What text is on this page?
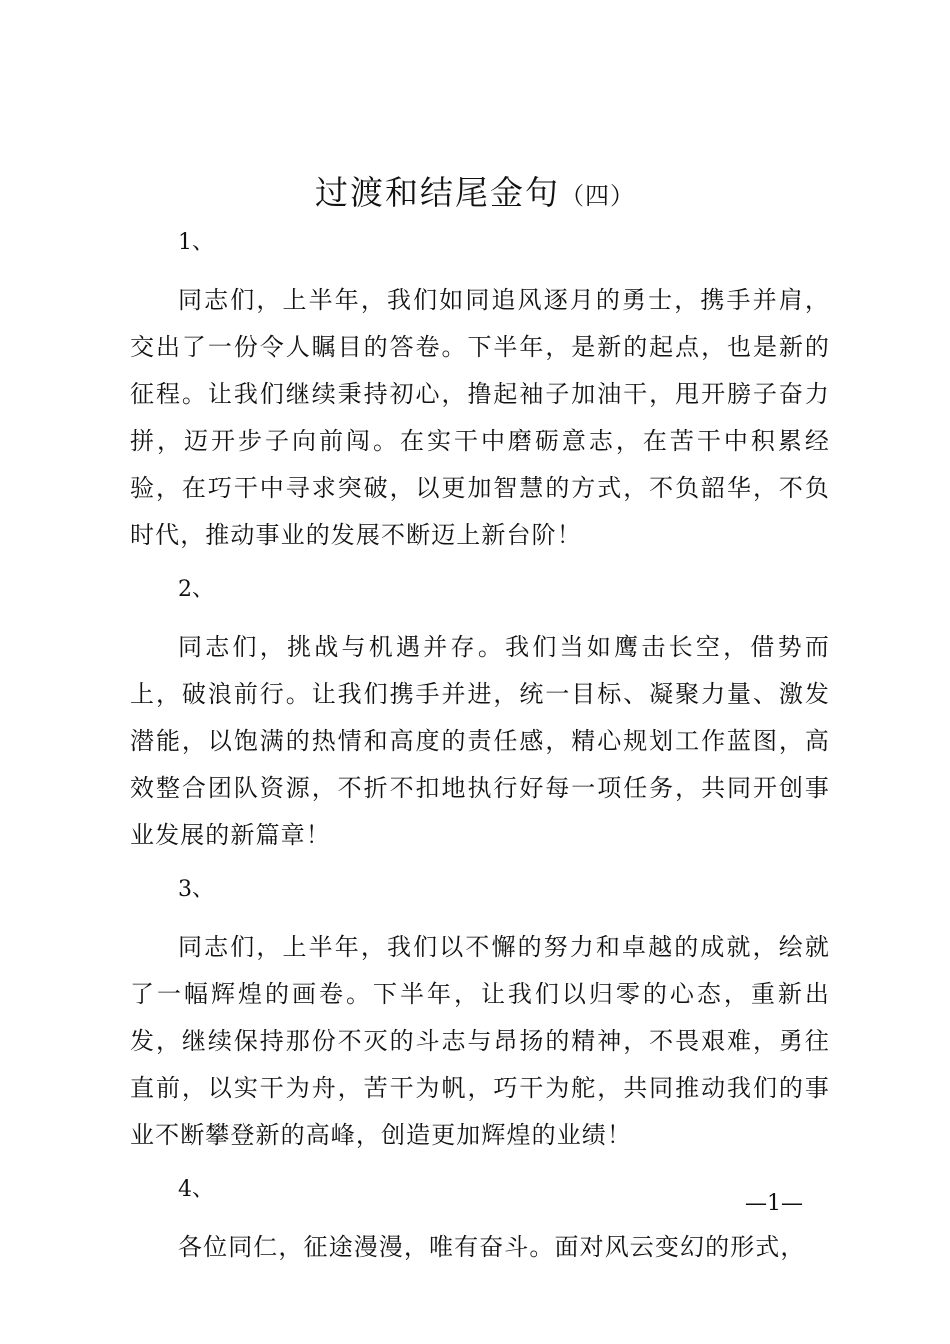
过渡和结尾金句（四）
1、
同志们，上半年，我们如同追风逐月的勇士，携手并肩，交出了一份令人瞩目的答卷。下半年，是新的起点，也是新的征程。让我们继续秉持初心，撸起袖子加油干，甩开膀子奋力拼，迈开步子向前闯。在实干中磨砺意志，在苦干中积累经验，在巧干中寻求突破，以更加智慧的方式，不负韶华，不负时代，推动事业的发展不断迈上新台阶！
2、
同志们，挑战与机遇并存。我们当如鹰击长空，借势而上，破浪前行。让我们携手并进，统一目标、凝聚力量、激发潜能，以饱满的热情和高度的责任感，精心规划工作蓝图，高效整合团队资源，不折不扣地执行好每一项任务，共同开创事业发展的新篇章！
3、
同志们，上半年，我们以不懈的努力和卓越的成就，绘就了一幅辉煌的画卷。下半年，让我们以归零的心态，重新出发，继续保持那份不灭的斗志与昂扬的精神，不畏艰难，勇往直前，以实干为舟，苦干为帆，巧干为舵，共同推动我们的事业不断攀登新的高峰，创造更加辉煌的业绩！
4、
各位同仁，征途漫漫，唯有奋斗。面对风云变幻的形式，
—1—
